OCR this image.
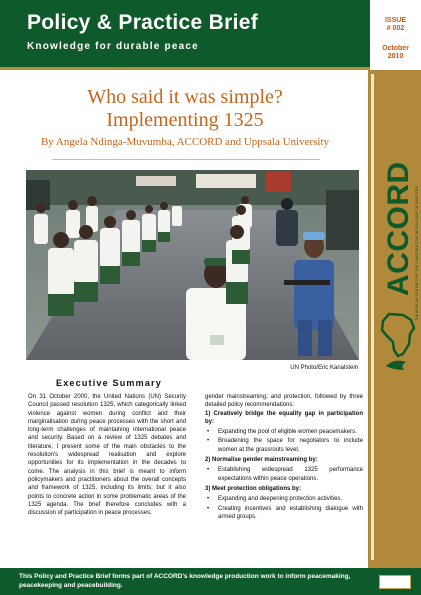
Policy & Practice Brief
Knowledge for durable peace
ISSUE
# 002
October
2010
ACCORD THE AFRICAN CENTRE FOR THE CONSTRUCTIVE RESOLUTION OF DISPUTES
Who said it was simple?
Implementing 1325
By Angela Ndinga-Muvumba, ACCORD and Uppsala University
UN Photo/Eric Kanalstein
Executive Summary

On 31 October 2000, the United Nations (UN) Security Council passed resolution 1325, which categorically linked violence against women during conflict and their marginalisation during peace processes with the short and long-term challenges of maintaining international peace and security. Based on a review of 1325 debates and literature, I present some of the main obstacles to the resolution's widespread realisation and explore opportunities for its implementation in the decades to come. The analysis in this brief is meant to inform policymakers and practitioners about the overall concepts and framework of 1325, including its limits; but it also points to concrete action in some problematic areas of the 1325 agenda. The brief therefore concludes with a discussion of participation in peace processes;

gender mainstreaming; and protection, followed by three detailed policy recommendations:

1) Creatively bridge the equality gap in participation by:

• Expanding the pool of eligible women peacemakers.
• Broadening the space for negotiators to include women at the grassroots level.

2) Normalise gender mainstreaming by:

• Establishing widespread 1325 performance expectations within peace operations.

3) Meet protection obligations by:

• Expanding and deepening protection activities.
• Creating incentives and establishing dialogue with armed groups.
This Policy and Practice Brief forms part of ACCORD's knowledge production work to inform peacemaking, peacekeeping and peacebuilding.
